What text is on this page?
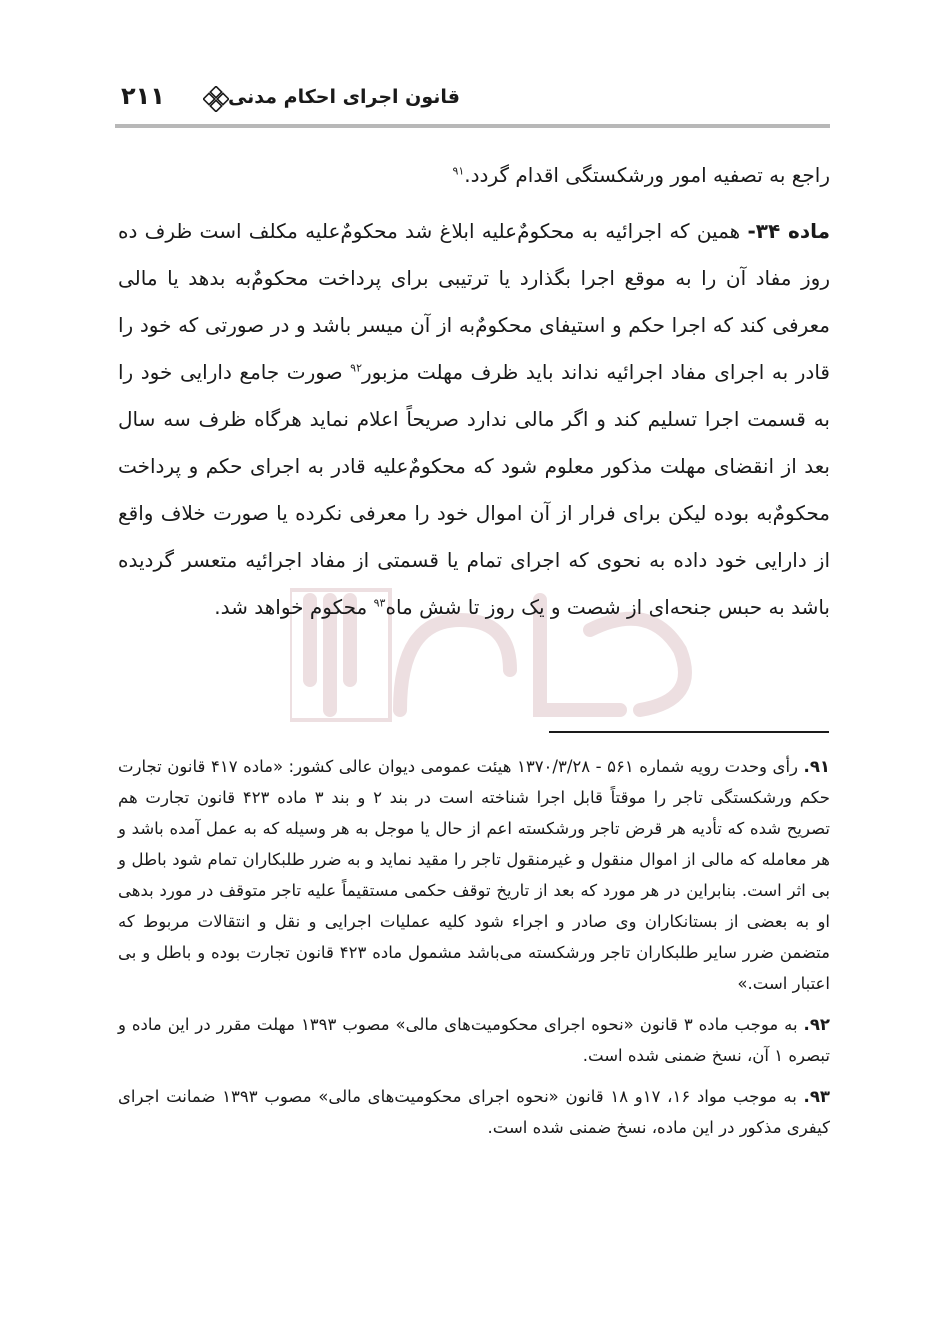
قانون اجرای احکام مدنی
۲۱۱

راجع به تصفیه امور ورشکستگی اقدام گردد.$^{۹۱}$

ماده ۳۴- همین که اجرائیه به محکومٌ‌علیه ابلاغ شد محکومٌ‌علیه مکلف است ظرف ده روز مفاد آن را به موقع اجرا بگذارد یا ترتیبی برای پرداخت محکومٌ‌به بدهد یا مالی معرفی کند که اجرا حکم و استیفای محکومٌ‌به از آن میسر باشد و در صورتی که خود را قادر به اجرای مفاد اجرائیه نداند باید ظرف مهلت مزبور$^{۹۲}$ صورت جامع دارایی خود را به قسمت اجرا تسلیم کند و اگر مالی ندارد صریحاً اعلام نماید هرگاه ظرف سه سال بعد از انقضای مهلت مذکور معلوم شود که محکومٌ‌علیه قادر به اجرای حکم و پرداخت محکومٌ‌به بوده لیکن برای فرار از آن اموال خود را معرفی نکرده یا صورت خلاف واقع از دارایی خود داده به نحوی که اجرای تمام یا قسمتی از مفاد اجرائیه متعسر گردیده باشد به حبس جنحه‌ای از شصت و یک روز تا شش ماه$^{۹۳}$ محکوم خواهد شد.

۹۱. رأی وحدت رویه شماره ۵۶۱ - ۱۳۷۰/۳/۲۸ هیئت عمومی دیوان عالی کشور: «ماده ۴۱۷ قانون تجارت حکم ورشکستگی تاجر را موقتاً قابل اجرا شناخته است در بند ۲ و بند ۳ ماده ۴۲۳ قانون تجارت هم تصریح شده که تأدیه هر قرض تاجر ورشکسته اعم از حال یا موجل به هر وسیله که به عمل آمده باشد و هر معامله که مالی از اموال منقول و غیرمنقول تاجر را مقید نماید و به ضرر طلبکاران تمام شود باطل و بی اثر است. بنابراین در هر مورد که بعد از تاریخ توقف حکمی مستقیماً علیه تاجر متوقف در مورد بدهی او به بعضی از بستانکاران وی صادر و اجراء شود کلیه عملیات اجرایی و نقل و انتقالات مربوط که متضمن ضرر سایر طلبکاران تاجر ورشکسته می‌باشد مشمول ماده ۴۲۳ قانون تجارت بوده و باطل و بی اعتبار است.»

۹۲. به موجب ماده ۳ قانون «نحوه اجرای محکومیت‌های مالی» مصوب ۱۳۹۳ مهلت مقرر در این ماده و تبصره ۱ آن، نسخ ضمنی شده است.

۹۳. به موجب مواد ۱۶، ۱۷و ۱۸ قانون «نحوه اجرای محکومیت‌های مالی» مصوب ۱۳۹۳ ضمانت اجرای کیفری مذکور در این ماده، نسخ ضمنی شده است.
